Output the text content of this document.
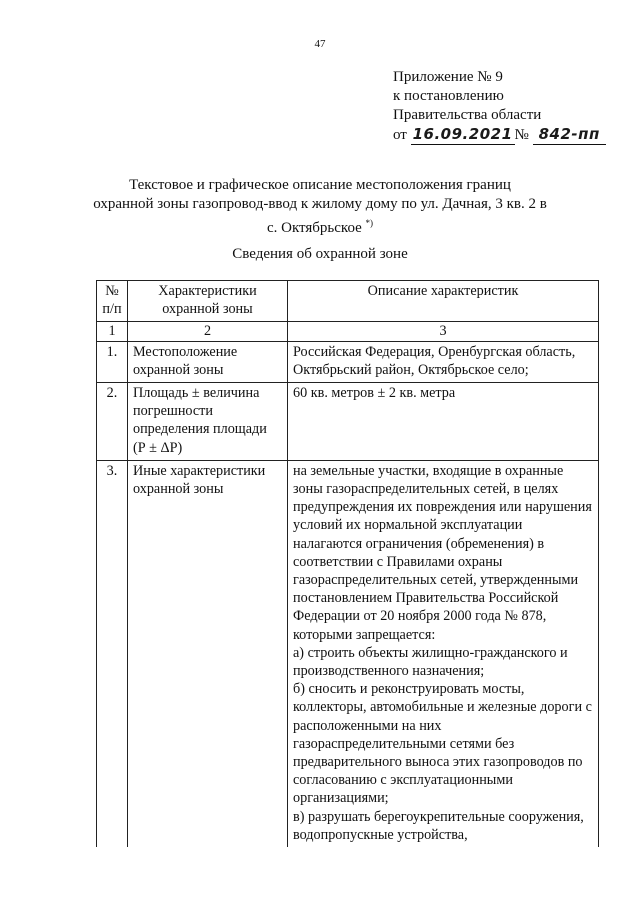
47
Приложение № 9
к постановлению
Правительства области
от 16.09.2021 № 842-пп
Текстовое и графическое описание местоположения границ
охранной зоны газопровод-ввод к жилому дому по ул. Дачная, 3 кв. 2 в
с. Октябрьское *)
Сведения об охранной зоне
№ п/п	Характеристики охранной зоны	Описание характеристик
1	2	3
1.	Местоположение охранной зоны	Российская Федерация, Оренбургская область, Октябрьский район, Октябрьское село;
2.	Площадь ± величина погрешности определения площади (Р ± ΔР)	60 кв. метров ± 2 кв. метра
3.	Иные характеристики охранной зоны	на земельные участки, входящие в охранные зоны газораспределительных сетей, в целях предупреждения их повреждения или нарушения условий их нормальной эксплуатации налагаются ограничения (обременения) в соответствии с Правилами охраны газораспределительных сетей, утвержденными постановлением Правительства Российской Федерации от 20 ноября 2000 года № 878, которыми запрещается:
а) строить объекты жилищно-гражданского и производственного назначения;
б) сносить и реконструировать мосты, коллекторы, автомобильные и железные дороги с расположенными на них газораспределительными сетями без предварительного выноса этих газопроводов по согласованию с эксплуатационными организациями;
в) разрушать берегоукрепительные сооружения, водопропускные устройства,
